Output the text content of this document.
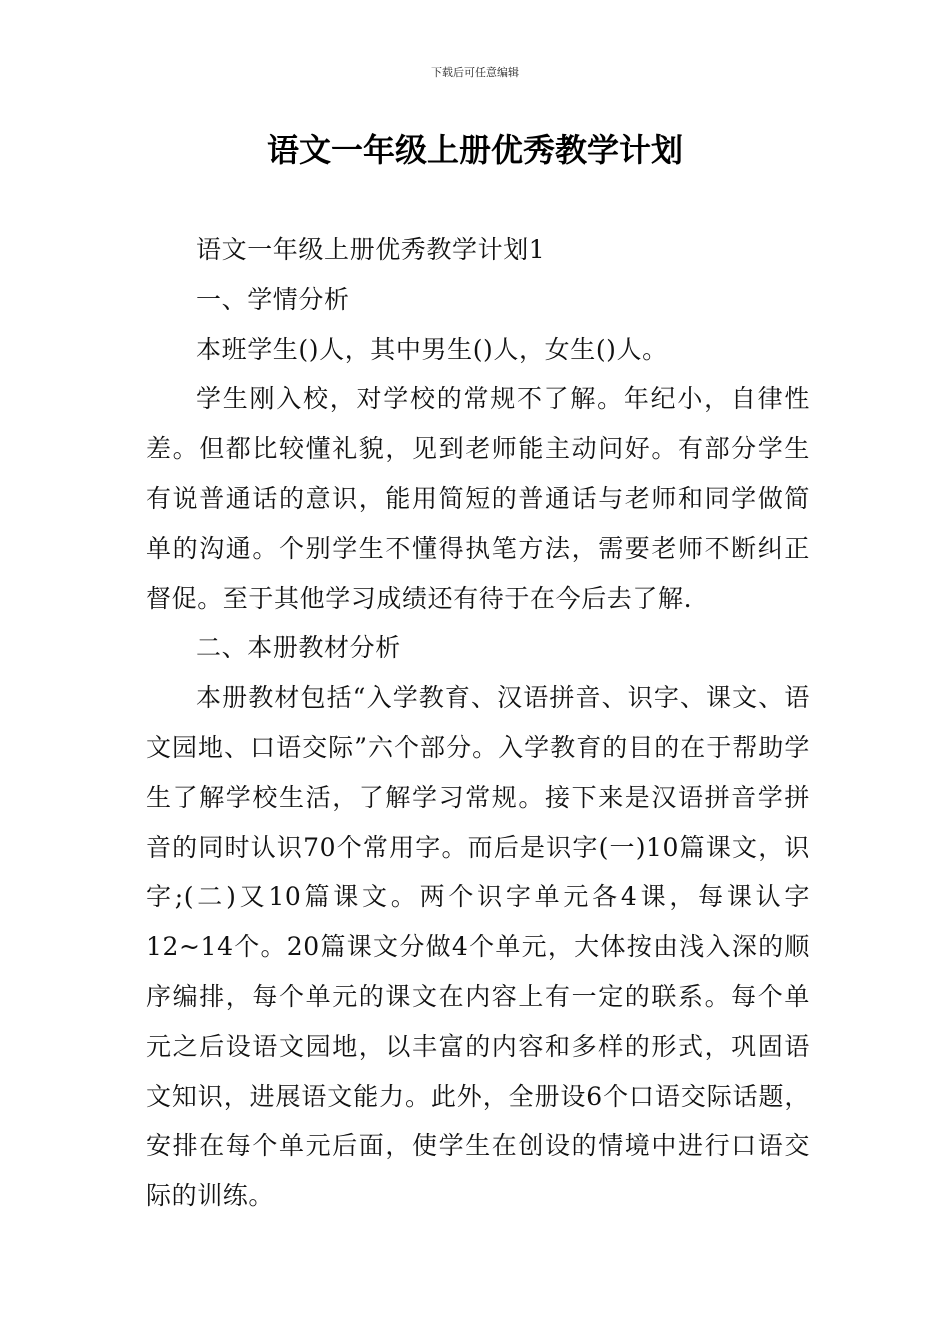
下载后可任意编辑
语文一年级上册优秀教学计划

语文一年级上册优秀教学计划1

一、学情分析

本班学生()人，其中男生()人，女生()人。

学生刚入校，对学校的常规不了解。年纪小，自律性差。但都比较懂礼貌，见到老师能主动问好。有部分学生有说普通话的意识，能用简短的普通话与老师和同学做简单的沟通。个别学生不懂得执笔方法，需要老师不断纠正督促。至于其他学习成绩还有待于在今后去了解.

二、本册教材分析

本册教材包括“入学教育、汉语拼音、识字、课文、语文园地、口语交际”六个部分。入学教育的目的在于帮助学生了解学校生活，了解学习常规。接下来是汉语拼音学拼音的同时认识70个常用字。而后是识字(一)10篇课文，识字;(二)又10篇课文。两个识字单元各4课，每课认字12~14个。20篇课文分做4个单元，大体按由浅入深的顺序编排，每个单元的课文在内容上有一定的联系。每个单元之后设语文园地，以丰富的内容和多样的形式，巩固语文知识，进展语文能力。此外，全册设6个口语交际话题，安排在每个单元后面，使学生在创设的情境中进行口语交际的训练。
